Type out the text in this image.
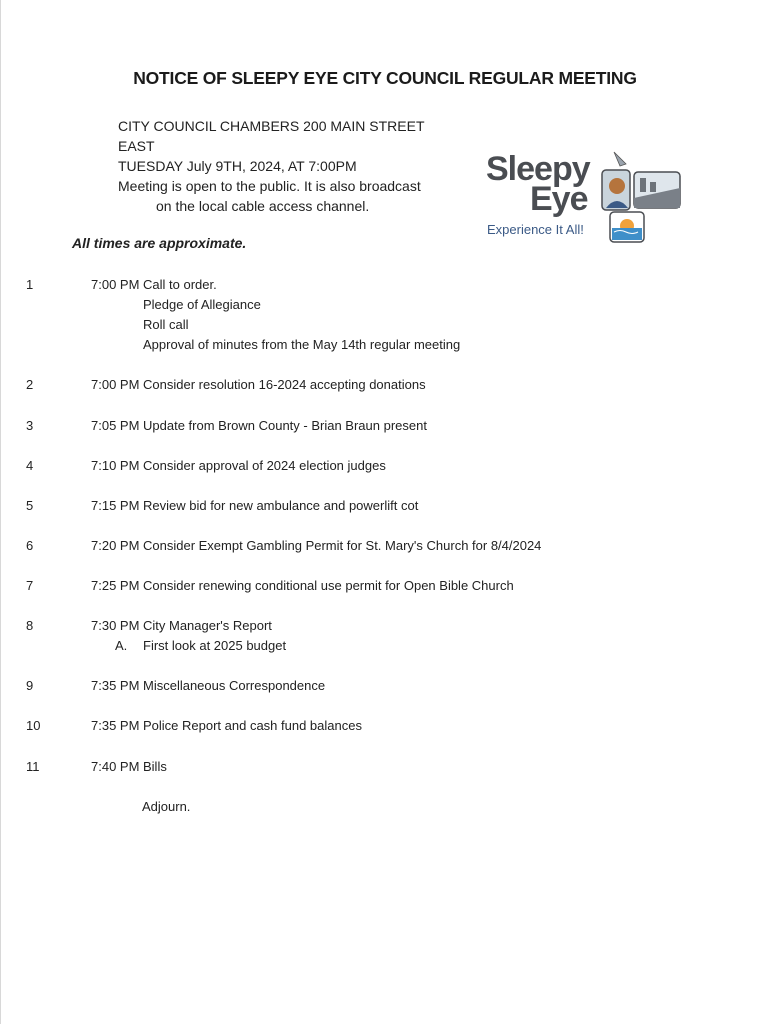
NOTICE OF SLEEPY EYE CITY COUNCIL REGULAR MEETING
CITY COUNCIL CHAMBERS 200 MAIN STREET EAST
TUESDAY July 9TH, 2024, AT 7:00PM
Meeting is open to the public. It is also broadcast
on the local cable access channel.
Sleepy
Eye
Experience It All!
All times are approximate.
1	7:00 PM Call to order.
Pledge of Allegiance
Roll call
Approval of minutes from the May 14th regular meeting
2	7:00 PM Consider resolution 16-2024 accepting donations
3	7:05 PM Update from Brown County - Brian Braun present
4	7:10 PM Consider approval of 2024 election judges
5	7:15 PM Review bid for new ambulance and powerlift cot
6	7:20 PM Consider Exempt Gambling Permit for St. Mary's Church for 8/4/2024
7	7:25 PM Consider renewing conditional use permit for Open Bible Church
8	7:30 PM City Manager's Report
A. First look at 2025 budget
9	7:35 PM Miscellaneous Correspondence
10	7:35 PM Police Report and cash fund balances
11	7:40 PM Bills
Adjourn.
